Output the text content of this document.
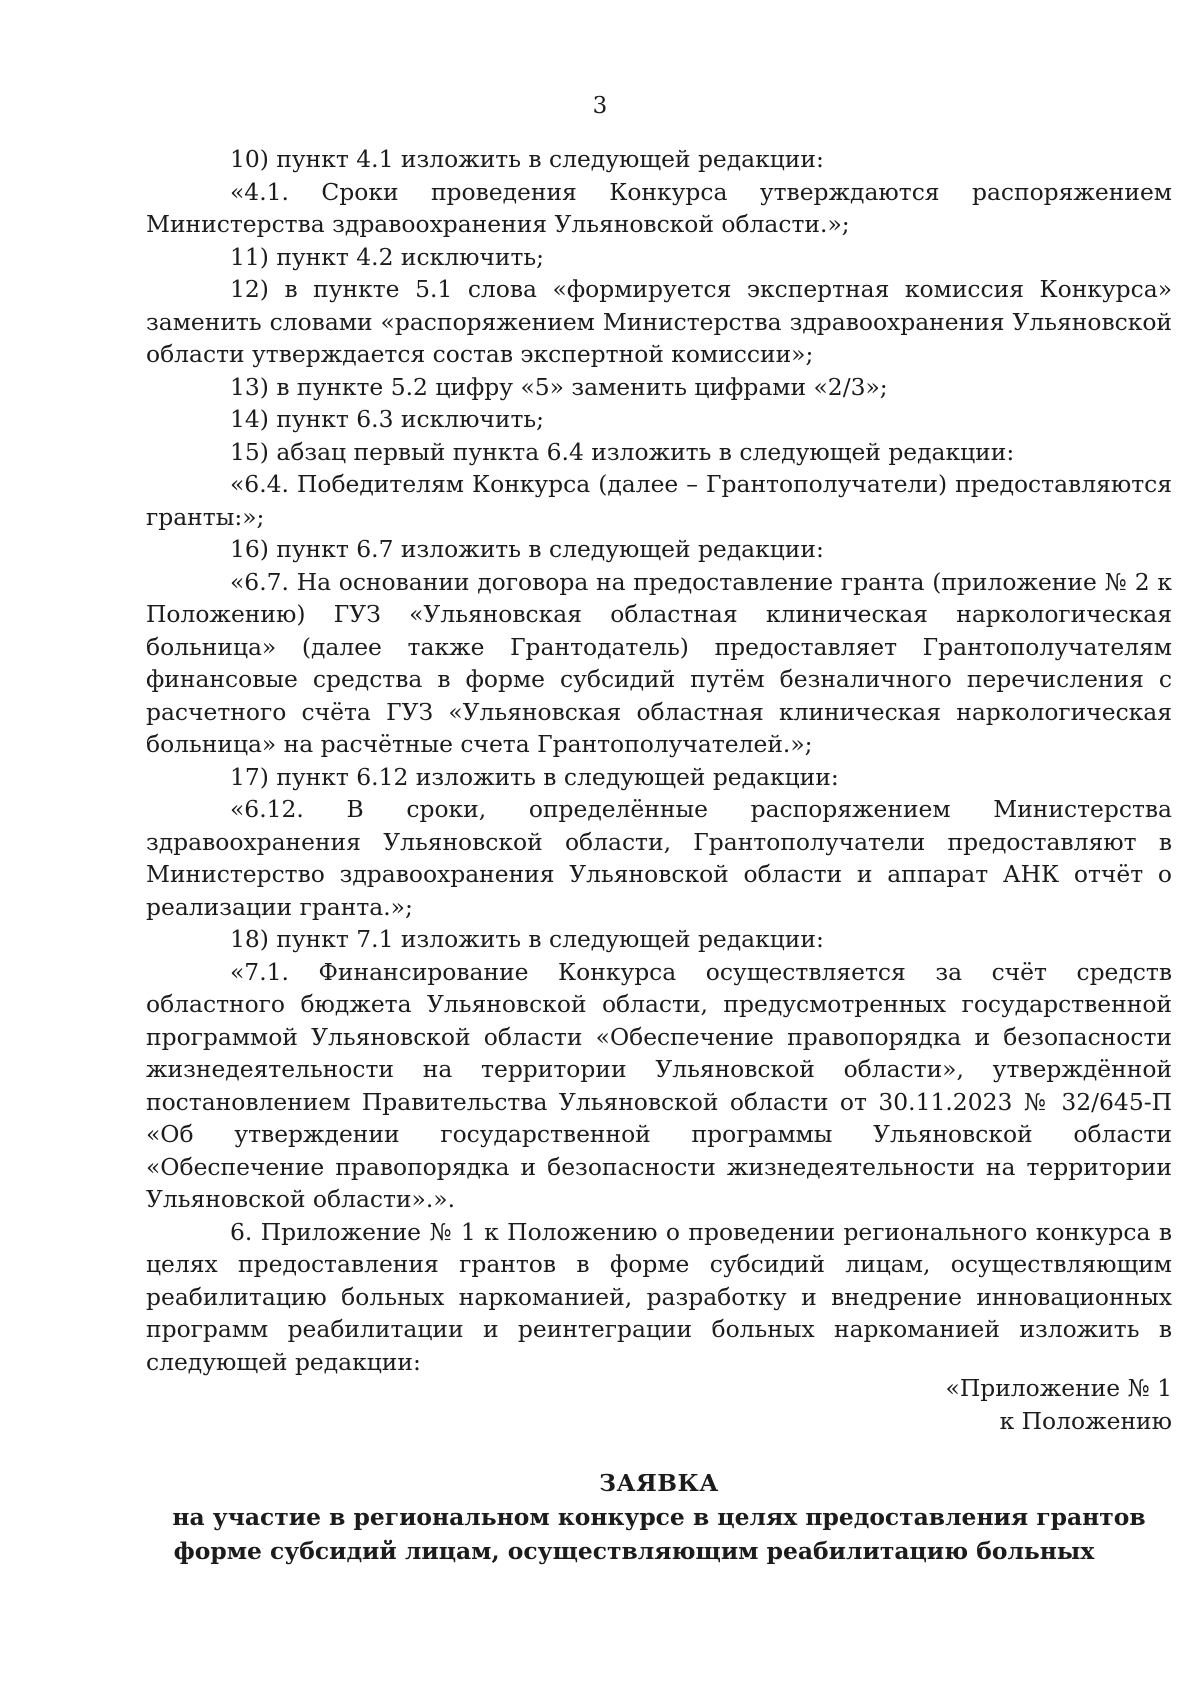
3

10) пункт 4.1 изложить в следующей редакции:

«4.1. Сроки проведения Конкурса утверждаются распоряжением Министерства здравоохранения Ульяновской области.»;

11) пункт 4.2 исключить;

12) в пункте 5.1 слова «формируется экспертная комиссия Конкурса» заменить словами «распоряжением Министерства здравоохранения Ульяновской области утверждается состав экспертной комиссии»;

13) в пункте 5.2 цифру «5» заменить цифрами «2/3»;

14) пункт 6.3 исключить;

15) абзац первый пункта 6.4 изложить в следующей редакции:

«6.4. Победителям Конкурса (далее – Грантополучатели) предоставляются гранты:»;

16) пункт 6.7 изложить в следующей редакции:

«6.7. На основании договора на предоставление гранта (приложение № 2 к Положению) ГУЗ «Ульяновская областная клиническая наркологическая больница» (далее также Грантодатель) предоставляет Грантополучателям финансовые средства в форме субсидий путём безналичного перечисления с расчетного счёта ГУЗ «Ульяновская областная клиническая наркологическая больница» на расчётные счета Грантополучателей.»;

17) пункт 6.12 изложить в следующей редакции:

«6.12. В сроки, определённые распоряжением Министерства здравоохранения Ульяновской области, Грантополучатели предоставляют в Министерство здравоохранения Ульяновской области и аппарат АНК отчёт о реализации гранта.»;

18) пункт 7.1 изложить в следующей редакции:

«7.1. Финансирование Конкурса осуществляется за счёт средств областного бюджета Ульяновской области, предусмотренных государственной программой Ульяновской области «Обеспечение правопорядка и безопасности жизнедеятельности на территории Ульяновской области», утверждённой постановлением Правительства Ульяновской области от 30.11.2023 № 32/645-П «Об утверждении государственной программы Ульяновской области «Обеспечение правопорядка и безопасности жизнедеятельности на территории Ульяновской области».».

6. Приложение № 1 к Положению о проведении регионального конкурса в целях предоставления грантов в форме субсидий лицам, осуществляющим реабилитацию больных наркоманией, разработку и внедрение инновационных программ реабилитации и реинтеграции больных наркоманией изложить в следующей редакции:

«Приложение № 1
к Положению
ЗАЯВКА
на участие в региональном конкурсе в целях предоставления грантов
форме субсидий лицам, осуществляющим реабилитацию больных
